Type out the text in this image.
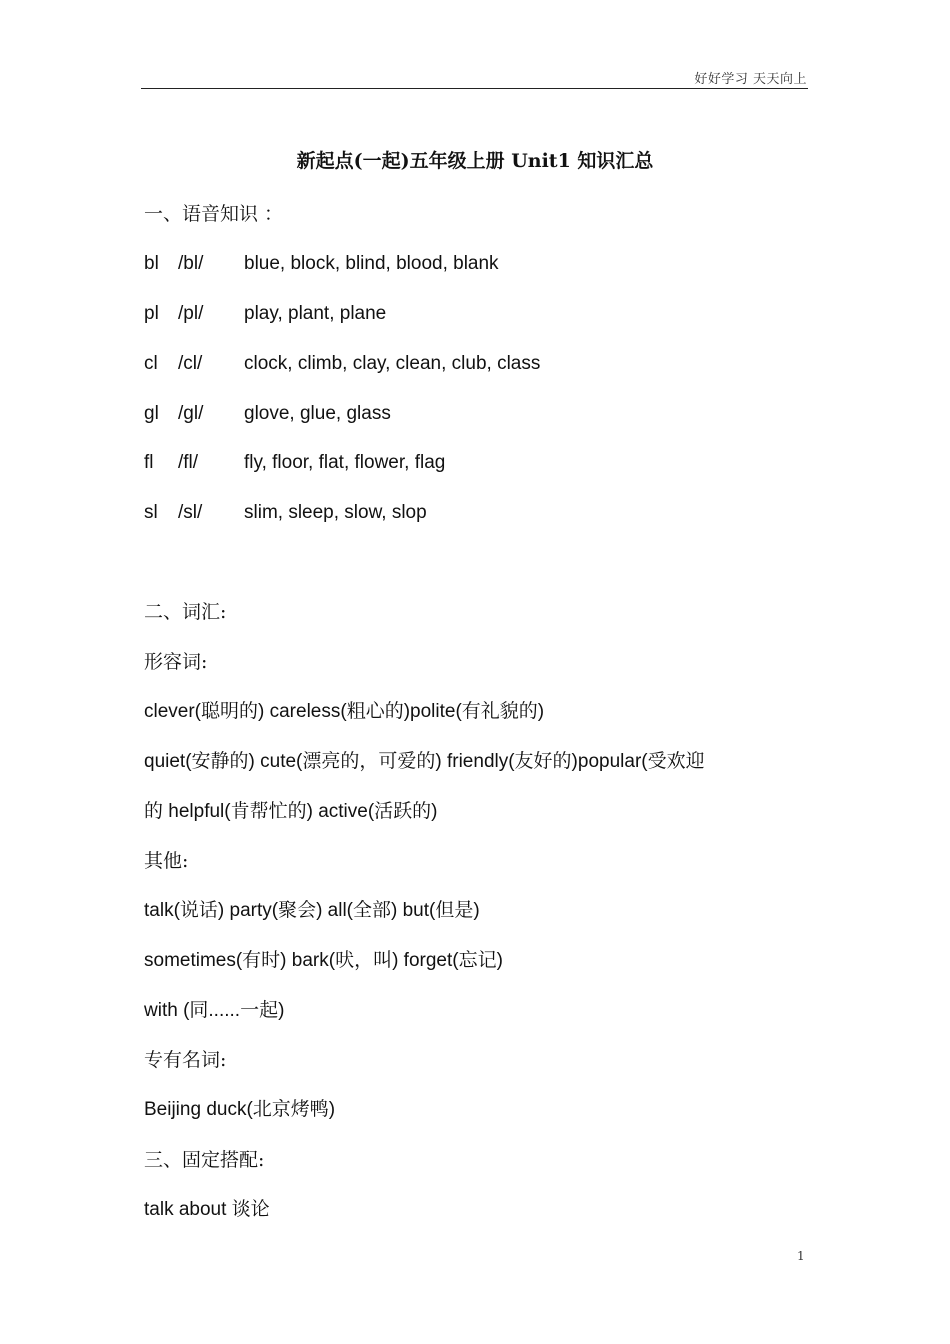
好好学习 天天向上
新起点(一起)五年级上册 Unit1 知识汇总
一、语音知识 ：
bl /bl/ blue, block, blind, blood, blank
pl /pl/ play, plant, plane
cl /cl/ clock, climb, clay, clean, club, class
gl /gl/ glove, glue, glass
fl /fl/ fly, floor, flat, flower, flag
sl /sl/ slim, sleep, slow, slop
二、词汇:
形容词:
clever(聪明的) careless(粗心的)polite(有礼貌的)
quiet(安静的) cute(漂亮的，可爱的) friendly(友好的)popular(受欢迎
的 helpful(肯帮忙的) active(活跃的)
其他:
talk(说话) party(聚会) all(全部) but(但是)
sometimes(有时) bark(吠，叫) forget(忘记)
with (同......一起)
专有名词:
Beijing duck(北京烤鸭)
三、固定搭配:
talk about 谈论
1
